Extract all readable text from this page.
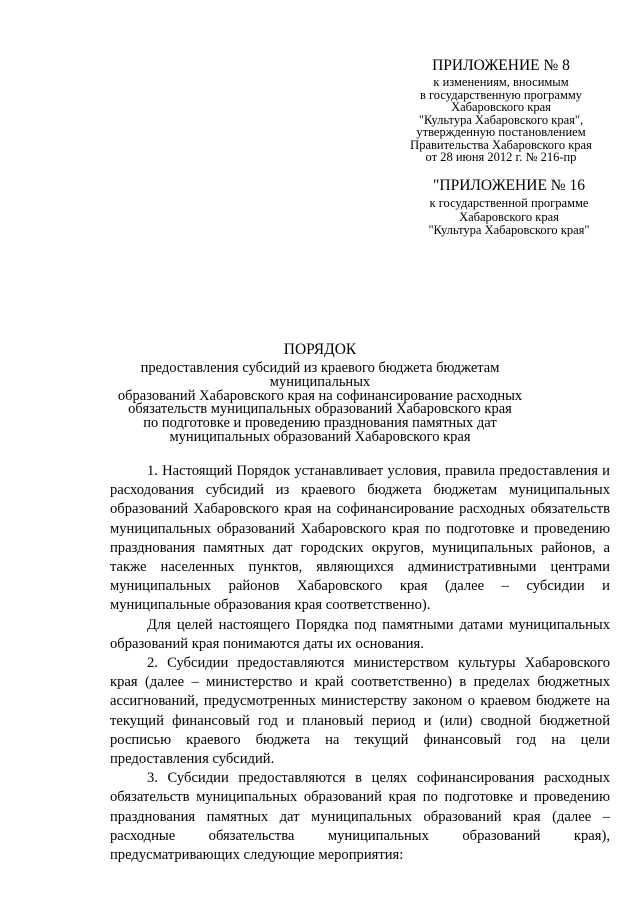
ПРИЛОЖЕНИЕ № 8
к изменениям, вносимым
в государственную программу
Хабаровского края
"Культура Хабаровского края",
утвержденную постановлением
Правительства Хабаровского края
от 28 июня 2012 г. № 216-пр
"ПРИЛОЖЕНИЕ № 16
к государственной программе
Хабаровского края
"Культура Хабаровского края"
ПОРЯДОК
предоставления субсидий из краевого бюджета бюджетам муниципальных
образований Хабаровского края на софинансирование расходных
обязательств муниципальных образований Хабаровского края
по подготовке и проведению празднования памятных дат
муниципальных образований Хабаровского края

1. Настоящий Порядок устанавливает условия, правила предоставления и расходования субсидий из краевого бюджета бюджетам муниципальных образований Хабаровского края на софинансирование расходных обязательств муниципальных образований Хабаровского края по подготовке и проведению празднования памятных дат городских округов, муниципальных районов, а также населенных пунктов, являющихся административными центрами муниципальных районов Хабаровского края (далее – субсидии и муниципальные образования края соответственно).

Для целей настоящего Порядка под памятными датами муниципальных образований края понимаются даты их основания.

2. Субсидии предоставляются министерством культуры Хабаровского края (далее – министерство и край соответственно) в пределах бюджетных ассигнований, предусмотренных министерству законом о краевом бюджете на текущий финансовый год и плановый период и (или) сводной бюджетной росписью краевого бюджета на текущий финансовый год на цели предоставления субсидий.

3. Субсидии предоставляются в целях софинансирования расходных обязательств муниципальных образований края по подготовке и проведению празднования памятных дат муниципальных образований края (далее – расходные обязательства муниципальных образований края), предусматривающих следующие мероприятия:
